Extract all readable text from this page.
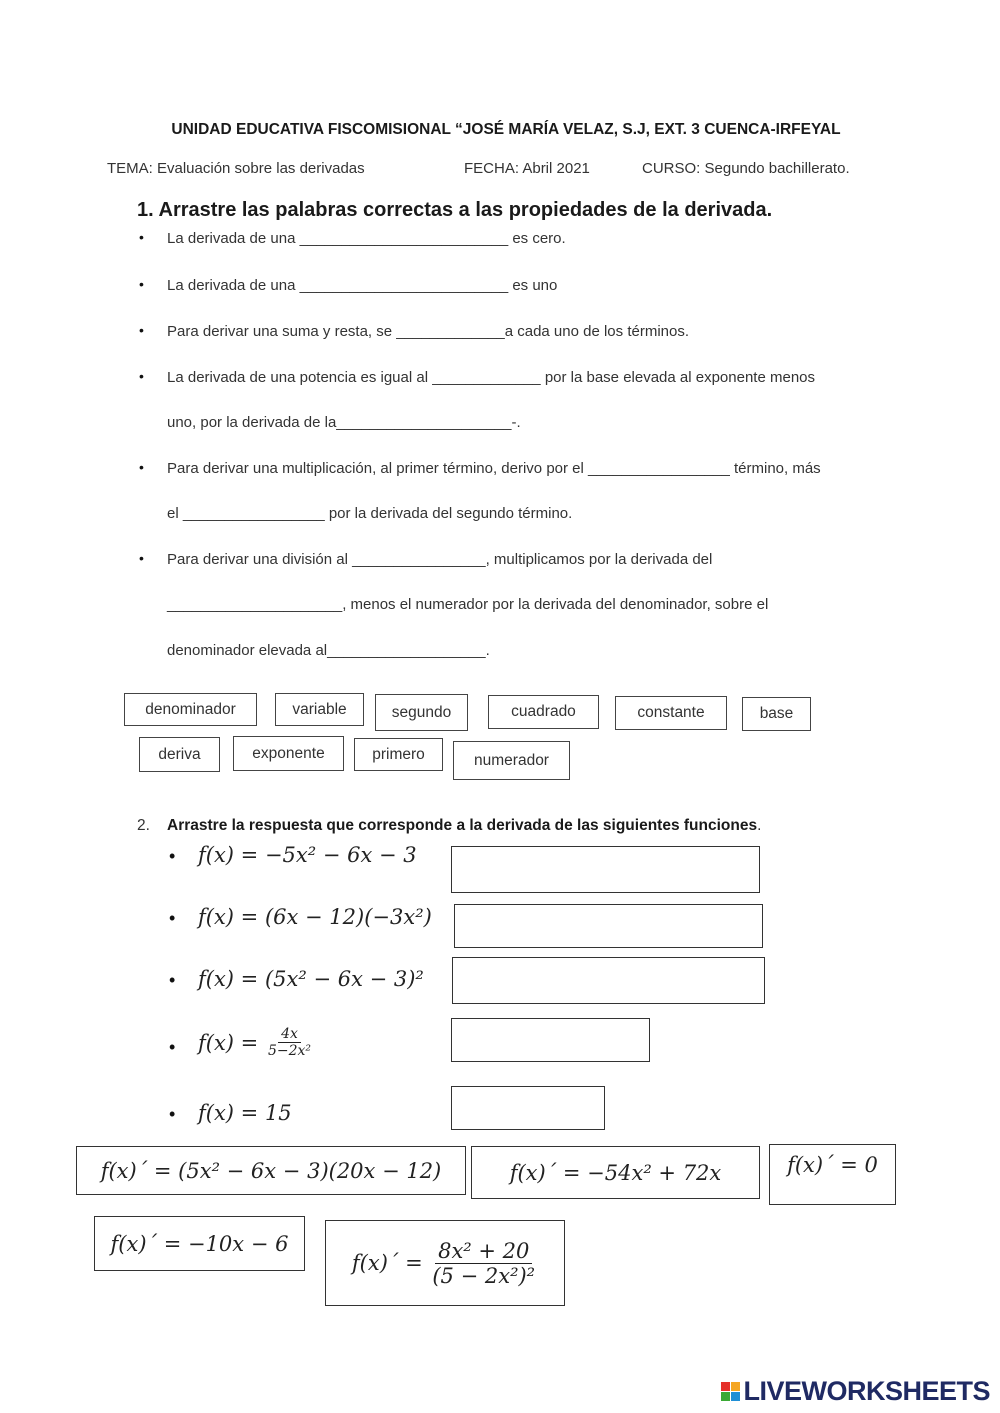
UNIDAD EDUCATIVA FISCOMISIONAL “JOSÉ MARÍA VELAZ, S.J, EXT. 3 CUENCA-IRFEYAL
TEMA: Evaluación sobre las derivadas	FECHA: Abril 2021	CURSO: Segundo bachillerato.
1. Arrastre las palabras correctas a las propiedades de la derivada.
• La derivada de una _________________________ es cero.
• La derivada de una _________________________ es uno
• Para derivar una suma y resta, se _____________a cada uno de los términos.
• La derivada de una potencia es igual al _____________ por la base elevada al exponente menos
uno, por la derivada de la_____________________-.
• Para derivar una multiplicación, al primer término, derivo por el _________________ término, más
el _________________ por la derivada del segundo término.
• Para derivar una división al ________________, multiplicamos por la derivada del
_____________________, menos el numerador por la derivada del denominador, sobre el
denominador elevada al___________________.
denominador	variable	segundo	cuadrado	constante	base
deriva	exponente	primero	numerador
2. Arrastre la respuesta que corresponde a la derivada de las siguientes funciones.
• f(x) = −5x² − 6x − 3
• f(x) = (6x − 12)(−3x²)
• f(x) = (5x² − 6x − 3)²
• f(x) =
$\frac{4x}{\text{5−2x²}}$
• f(x) = 15
f(x)´ = (5x² − 6x − 3)(20x − 12)	f(x)´ = −54x² + 72x	f(x)´ = 0
f(x)´ = −10x − 6
f(x)´ =
$\frac{\text{8x² + 20}}{\text{(5 − 2x²)²}}$
LIVEWORKSHEETS
